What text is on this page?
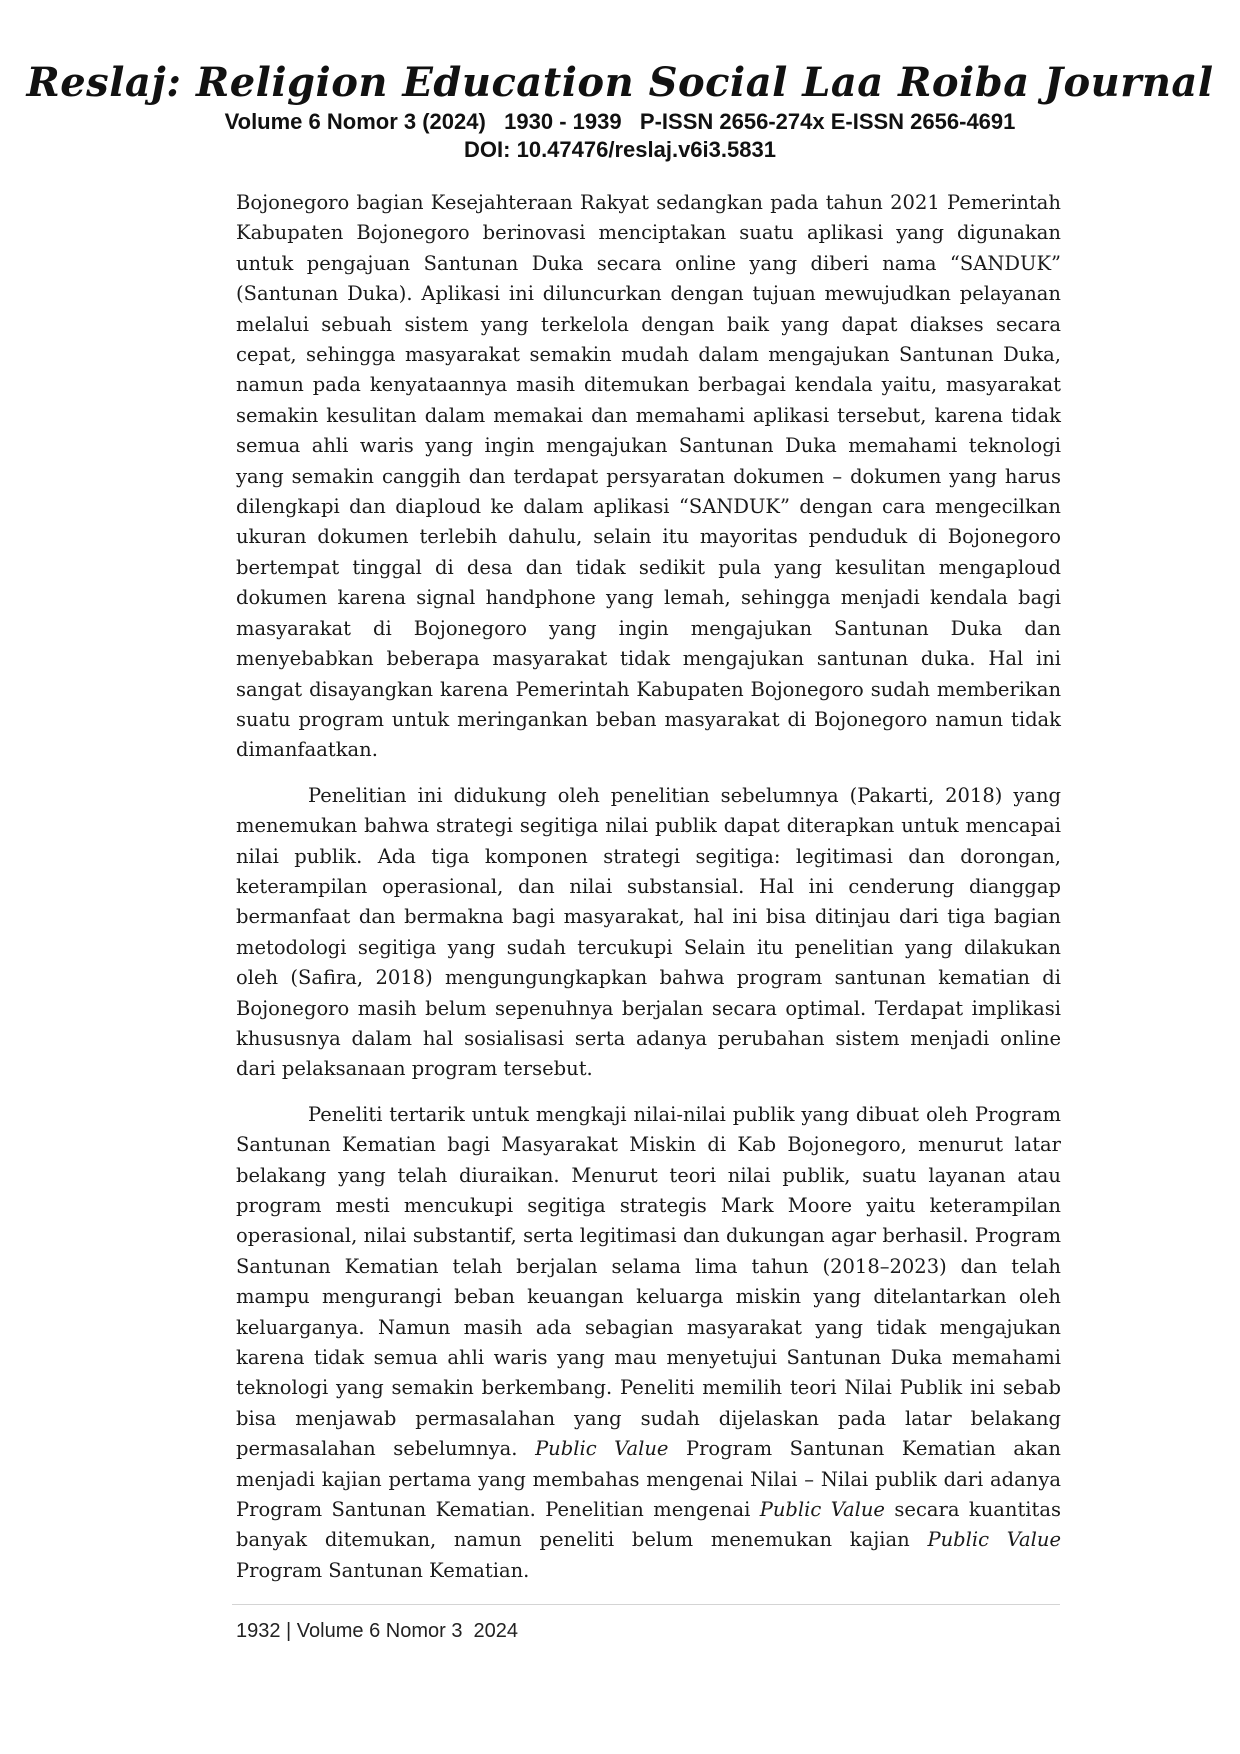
Reslaj: Religion Education Social Laa Roiba Journal
Volume 6 Nomor 3 (2024)   1930 - 1939   P-ISSN 2656-274x E-ISSN 2656-4691
DOI: 10.47476/reslaj.v6i3.5831

Bojonegoro bagian Kesejahteraan Rakyat sedangkan pada tahun 2021 Pemerintah Kabupaten Bojonegoro berinovasi menciptakan suatu aplikasi yang digunakan untuk pengajuan Santunan Duka secara online yang diberi nama “SANDUK” (Santunan Duka). Aplikasi ini diluncurkan dengan tujuan mewujudkan pelayanan melalui sebuah sistem yang terkelola dengan baik yang dapat diakses secara cepat, sehingga masyarakat semakin mudah dalam mengajukan Santunan Duka, namun pada kenyataannya masih ditemukan berbagai kendala yaitu, masyarakat semakin kesulitan dalam memakai dan memahami aplikasi tersebut, karena tidak semua ahli waris yang ingin mengajukan Santunan Duka memahami teknologi yang semakin canggih dan terdapat persyaratan dokumen – dokumen yang harus dilengkapi dan diaploud ke dalam aplikasi “SANDUK” dengan cara mengecilkan ukuran dokumen terlebih dahulu, selain itu mayoritas penduduk di Bojonegoro bertempat tinggal di desa dan tidak sedikit pula yang kesulitan mengaploud dokumen karena signal handphone yang lemah, sehingga menjadi kendala bagi masyarakat di Bojonegoro yang ingin mengajukan Santunan Duka dan menyebabkan beberapa masyarakat tidak mengajukan santunan duka. Hal ini sangat disayangkan karena Pemerintah Kabupaten Bojonegoro sudah memberikan suatu program untuk meringankan beban masyarakat di Bojonegoro namun tidak dimanfaatkan.

Penelitian ini didukung oleh penelitian sebelumnya (Pakarti, 2018) yang menemukan bahwa strategi segitiga nilai publik dapat diterapkan untuk mencapai nilai publik. Ada tiga komponen strategi segitiga: legitimasi dan dorongan, keterampilan operasional, dan nilai substansial. Hal ini cenderung dianggap bermanfaat dan bermakna bagi masyarakat, hal ini bisa ditinjau dari tiga bagian metodologi segitiga yang sudah tercukupi Selain itu penelitian yang dilakukan oleh (Safira, 2018) mengungungkapkan bahwa program santunan kematian di Bojonegoro masih belum sepenuhnya berjalan secara optimal. Terdapat implikasi khususnya dalam hal sosialisasi serta adanya perubahan sistem menjadi online dari pelaksanaan program tersebut.

Peneliti tertarik untuk mengkaji nilai-nilai publik yang dibuat oleh Program Santunan Kematian bagi Masyarakat Miskin di Kab Bojonegoro, menurut latar belakang yang telah diuraikan. Menurut teori nilai publik, suatu layanan atau program mesti mencukupi segitiga strategis Mark Moore yaitu keterampilan operasional, nilai substantif, serta legitimasi dan dukungan agar berhasil. Program Santunan Kematian telah berjalan selama lima tahun (2018–2023) dan telah mampu mengurangi beban keuangan keluarga miskin yang ditelantarkan oleh keluarganya. Namun masih ada sebagian masyarakat yang tidak mengajukan karena tidak semua ahli waris yang mau menyetujui Santunan Duka memahami teknologi yang semakin berkembang. Peneliti memilih teori Nilai Publik ini sebab bisa menjawab permasalahan yang sudah dijelaskan pada latar belakang permasalahan sebelumnya. Public Value Program Santunan Kematian akan menjadi kajian pertama yang membahas mengenai Nilai – Nilai publik dari adanya Program Santunan Kematian. Penelitian mengenai Public Value secara kuantitas banyak ditemukan, namun peneliti belum menemukan kajian Public Value  Program Santunan Kematian.

1932 | Volume 6 Nomor 3  2024
